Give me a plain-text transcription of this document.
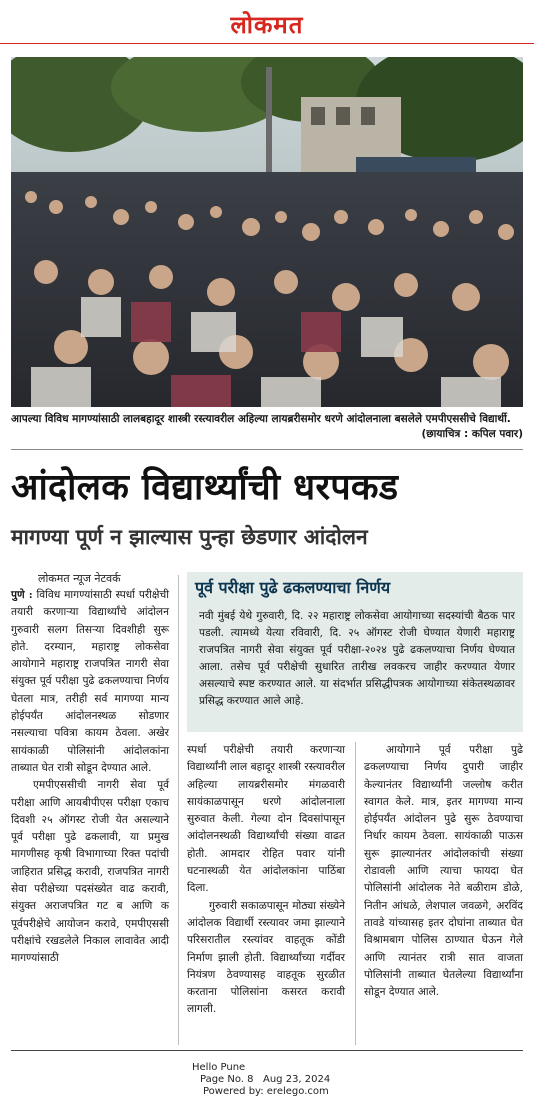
लोकमत
आपल्या विविध मागण्यांसाठी लालबहादूर शास्त्री रस्त्यावरील अहिल्या लायब्ररीसमोर धरणे आंदोलनाला बसलेले एमपीएससीचे विद्यार्थी.
(छायाचित्र : कपिल पवार)
आंदोलक विद्यार्थ्यांची धरपकड
मागण्या पूर्ण न झाल्यास पुन्हा छेडणार आंदोलन
लोकमत न्यूज नेटवर्क

पुणे : विविध मागण्यांसाठी स्पर्धा परीक्षेची तयारी करणाऱ्या विद्यार्थ्यांचे आंदोलन गुरुवारी सलग तिसऱ्या दिवशीही सुरू होते. दरम्यान, महाराष्ट्र लोकसेवा आयोगाने महाराष्ट्र राजपत्रित नागरी सेवा संयुक्त पूर्व परीक्षा पुढे ढकलण्याचा निर्णय घेतला मात्र, तरीही सर्व मागण्या मान्य होईपर्यंत आंदोलनस्थळ सोडणार नसल्याचा पवित्रा कायम ठेवला. अखेर सायंकाळी पोलिसांनी आंदोलकांना ताब्यात घेत रात्री सोडून देण्यात आले.

एमपीएससीची नागरी सेवा पूर्व परीक्षा आणि आयबीपीएस परीक्षा एकाच दिवशी २५ ऑगस्ट रोजी येत असल्याने पूर्व परीक्षा पुढे ढकलावी, या प्रमुख मागणीसह कृषी विभागाच्या रिक्त पदांची जाहिरात प्रसिद्ध करावी, राजपत्रित नागरी सेवा परीक्षेच्या पदसंख्येत वाढ करावी, संयुक्त अराजपत्रित गट ब आणि क पूर्वपरीक्षेचे आयोजन करावे, एमपीएससी परीक्षांचे रखडलेले निकाल लावावेत आदी मागण्यांसाठी

पूर्व परीक्षा पुढे ढकलण्याचा निर्णय
नवी मुंबई येथे गुरुवारी, दि. २२ महाराष्ट्र लोकसेवा आयोगाच्या सदस्यांची बैठक पार पडली. त्यामध्ये येत्या रविवारी, दि. २५ ऑगस्ट रोजी घेण्यात येणारी महाराष्ट्र राजपत्रित नागरी सेवा संयुक्त पूर्व परीक्षा-२०२४ पुढे ढकलण्याचा निर्णय घेण्यात आला. तसेच पूर्व परीक्षेची सुधारित तारीख लवकरच जाहीर करण्यात येणार असल्याचे स्पष्ट करण्यात आले. या संदर्भात प्रसिद्धीपत्रक आयोगाच्या संकेतस्थळावर प्रसिद्ध करण्यात आले आहे.

स्पर्धा परीक्षेची तयारी करणाऱ्या विद्यार्थ्यांनी लाल बहादूर शास्त्री रस्त्यावरील अहिल्या लायब्ररीसमोर मंगळवारी सायंकाळपासून धरणे आंदोलनाला सुरुवात केली. गेल्या दोन दिवसांपासून आंदोलनस्थळी विद्यार्थ्यांची संख्या वाढत होती. आमदार रोहित पवार यांनी घटनास्थळी येत आंदोलकांना पाठिंबा दिला.

गुरुवारी सकाळपासून मोठ्या संख्येने आंदोलक विद्यार्थी रस्त्यावर जमा झाल्याने परिसरातील रस्त्यांवर वाहतूक कोंडी निर्माण झाली होती. विद्यार्थ्यांच्या गर्दीवर नियंत्रण ठेवण्यासह वाहतूक सुरळीत करताना पोलिसांना कसरत करावी लागली.

आयोगाने पूर्व परीक्षा पुढे ढकलण्याचा निर्णय दुपारी जाहीर केल्यानंतर विद्यार्थ्यांनी जल्लोष करीत स्वागत केले. मात्र, इतर मागण्या मान्य होईपर्यंत आंदोलन पुढे सुरू ठेवण्याचा निर्धार कायम ठेवला. सायंकाळी पाऊस सुरू झाल्यानंतर आंदोलकांची संख्या रोडावली आणि त्याचा फायदा घेत पोलिसांनी आंदोलक नेते बळीराम डोळे, नितीन आंधळे, लेशपाल जवळगे, अरविंद तावडे यांच्यासह इतर दोघांना ताब्यात घेत विश्रामबाग पोलिस ठाण्यात घेऊन गेले आणि त्यानंतर रात्री सात वाजता पोलिसांनी ताब्यात घेतलेल्या विद्यार्थ्यांना सोडून देण्यात आले.

Hello Pune
Page No. 8 Aug 23, 2024
Powered by: erelego.com
